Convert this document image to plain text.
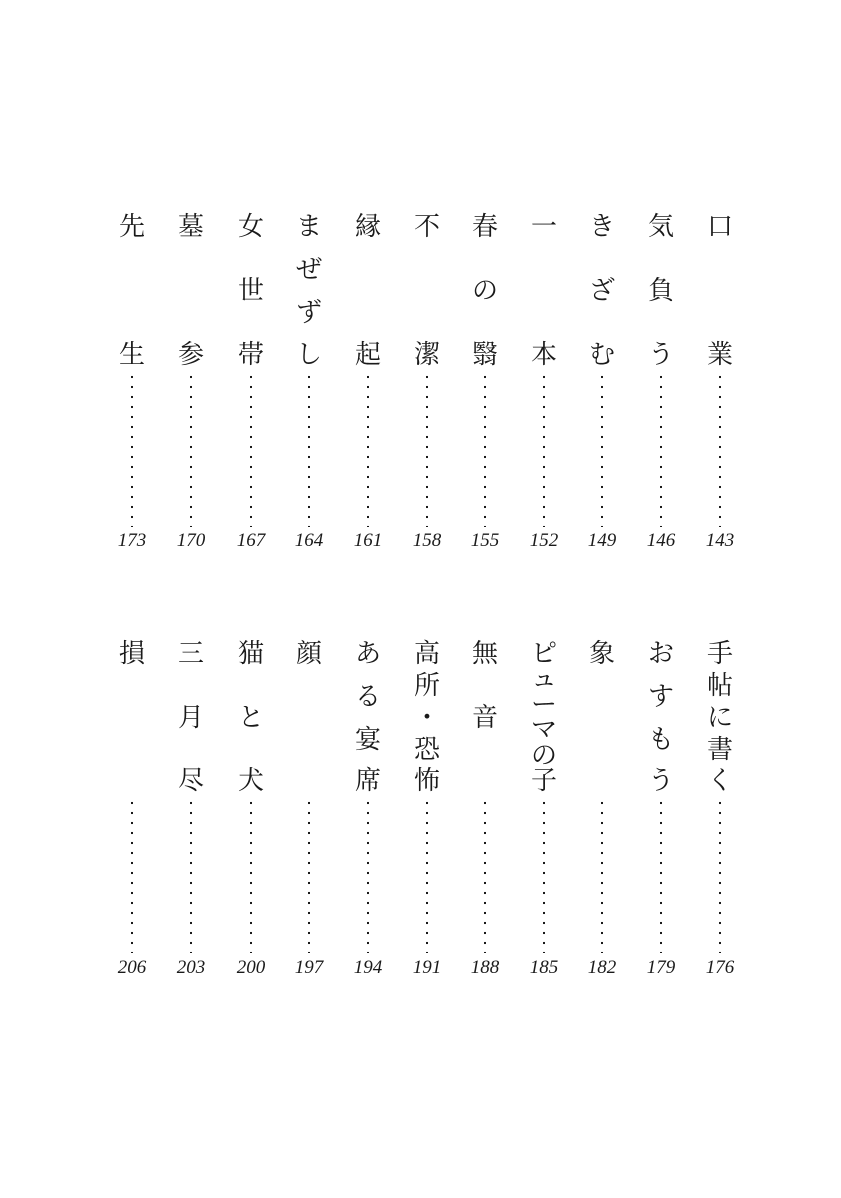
口
業
143
気
負
う
146
き
ざ
む
149
一
本
152
春
の
翳
155
不
潔
158
縁
起
161
ま
ぜ
ず
し
164
女
世
帯
167
墓
参
170
先
生
173
手
帖
に
書
く
176
お
す
も
う
179
象
182
ピ
ュ
ー
マ
の
子
185
無
音
188
高
所
・
恐
怖
191
あ
る
宴
席
194
顔
197
猫
と
犬
200
三
月
尽
203
損
206
